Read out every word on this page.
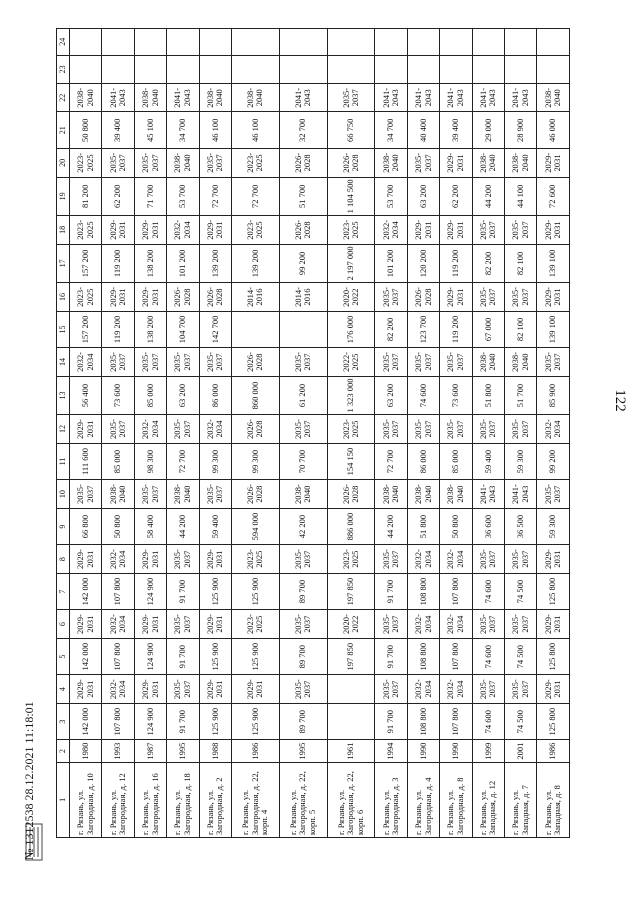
122
1	2	3	4	5	6	7	8	9	10	11	12	13	14	15	16	17	18	19	20	21	22	23	24
г. Рязань, ул. Загородная, д. 10	1980	142 000	2029-2031	142 000	2029-2031	142 000	2029-2031	66 800	2035-2037	111 600	2029-2031	56 400	2032-2034	157 200	2023-2025	157 200	2023-2025	81 200	2023-2025	50 800	2038-2040		
г. Рязань, ул. Загородная, д. 12	1993	107 800	2032-2034	107 800	2032-2034	107 800	2032-2034	50 800	2038-2040	85 000	2035-2037	73 600	2035-2037	119 200	2029-2031	119 200	2029-2031	62 200	2035-2037	39 400	2041-2043		
г. Рязань, ул. Загородная, д. 16	1987	124 900	2029-2031	124 900	2029-2031	124 900	2029-2031	58 400	2035-2037	98 300	2032-2034	85 000	2035-2037	138 200	2029-2031	138 200	2029-2031	71 700	2035-2037	45 100	2038-2040		
г. Рязань, ул. Загородная, д. 18	1995	91 700	2035-2037	91 700	2035-2037	91 700	2035-2037	44 200	2038-2040	72 700	2035-2037	63 200	2035-2037	104 700	2026-2028	101 200	2032-2034	53 700	2038-2040	34 700	2041-2043		
г. Рязань, ул. Загородная, д. 2	1988	125 900	2029-2031	125 900	2029-2031	125 900	2029-2031	59 400	2035-2037	99 300	2032-2034	86 000	2035-2037	142 700	2026-2028	139 200	2029-2031	72 700	2035-2037	46 100	2038-2040		
г. Рязань, ул. Загородная, д. 22, корп. 4	1986	125 900	2029-2031	125 900	2023-2025	125 900	2023-2025	594 000	2026-2028	99 300	2026-2028	860 000	2026-2028		2014-2016	139 200	2023-2025	72 700	2023-2025	46 100	2038-2040		
г. Рязань, ул. Загородная, д. 22, корп. 5	1995	89 700	2035-2037	89 700	2035-2037	89 700	2035-2037	42 200	2038-2040	70 700	2035-2037	61 200	2035-2037		2014-2016	99 200	2026-2028	51 700	2026-2028	32 700	2041-2043		
г. Рязань, ул. Загородная, д. 22, корп. 6	1961			197 850	2020-2022	197 850	2023-2025	886 000	2026-2028	154 150	2023-2025	1 323 000	2022-2025	176 000	2020-2022	2 197 000	2023-2025	1 104 500	2026-2028	66 750	2035-2037		
г. Рязань, ул. Загородная, д. 3	1994	91 700	2035-2037	91 700	2035-2037	91 700	2035-2037	44 200	2038-2040	72 700	2035-2037	63 200	2035-2037	82 200	2035-2037	101 200	2032-2034	53 700	2038-2040	34 700	2041-2043		
г. Рязань, ул. Загородная, д. 4	1990	108 800	2032-2034	108 800	2032-2034	108 800	2032-2034	51 800	2038-2040	86 000	2035-2037	74 600	2035-2037	123 700	2026-2028	120 200	2029-2031	63 200	2035-2037	40 400	2041-2043		
г. Рязань, ул. Загородная, д. 8	1990	107 800	2032-2034	107 800	2032-2034	107 800	2032-2034	50 800	2038-2040	85 000	2035-2037	73 600	2035-2037	119 200	2029-2031	119 200	2029-2031	62 200	2029-2031	39 400	2041-2043		
г. Рязань, ул. Западная, д. 12	1999	74 600	2035-2037	74 600	2035-2037	74 600	2035-2037	36 600	2041-2043	59 400	2035-2037	51 800	2038-2040	67 000	2035-2037	82 200	2035-2037	44 200	2038-2040	29 000	2041-2043		
г. Рязань, ул. Западная, д. 7	2001	74 500	2035-2037	74 500	2035-2037	74 500	2035-2037	36 500	2041-2043	59 300	2035-2037	51 700	2038-2040	82 100	2035-2037	82 100	2035-2037	44 100	2038-2040	28 900	2041-2043		
г. Рязань, ул. Западная, д. 8	1986	125 800	2029-2031	125 800	2029-2031	125 800	2029-2031	59 300	2035-2037	99 200	2032-2034	85 900	2035-2037	139 100	2029-2031	139 100	2029-2031	72 600	2029-2031	46 000	2038-2040		
№ 1312538 28.12.2021 11:18:01
